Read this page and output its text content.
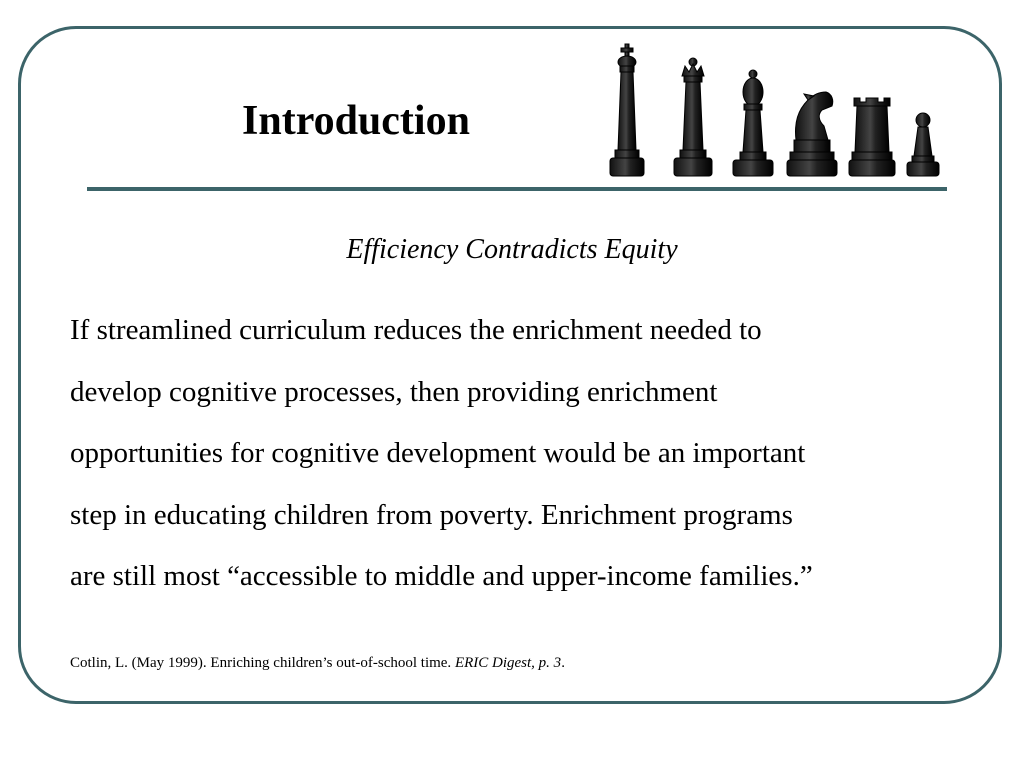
Introduction
Efficiency Contradicts Equity
If streamlined curriculum reduces the enrichment needed to
develop cognitive processes, then providing enrichment
opportunities for cognitive development would be an important
step in educating children from poverty. Enrichment programs
are still most “accessible to middle and upper-income families.”
Cotlin, L. (May 1999). Enriching children’s out-of-school time. ERIC Digest, p. 3.
